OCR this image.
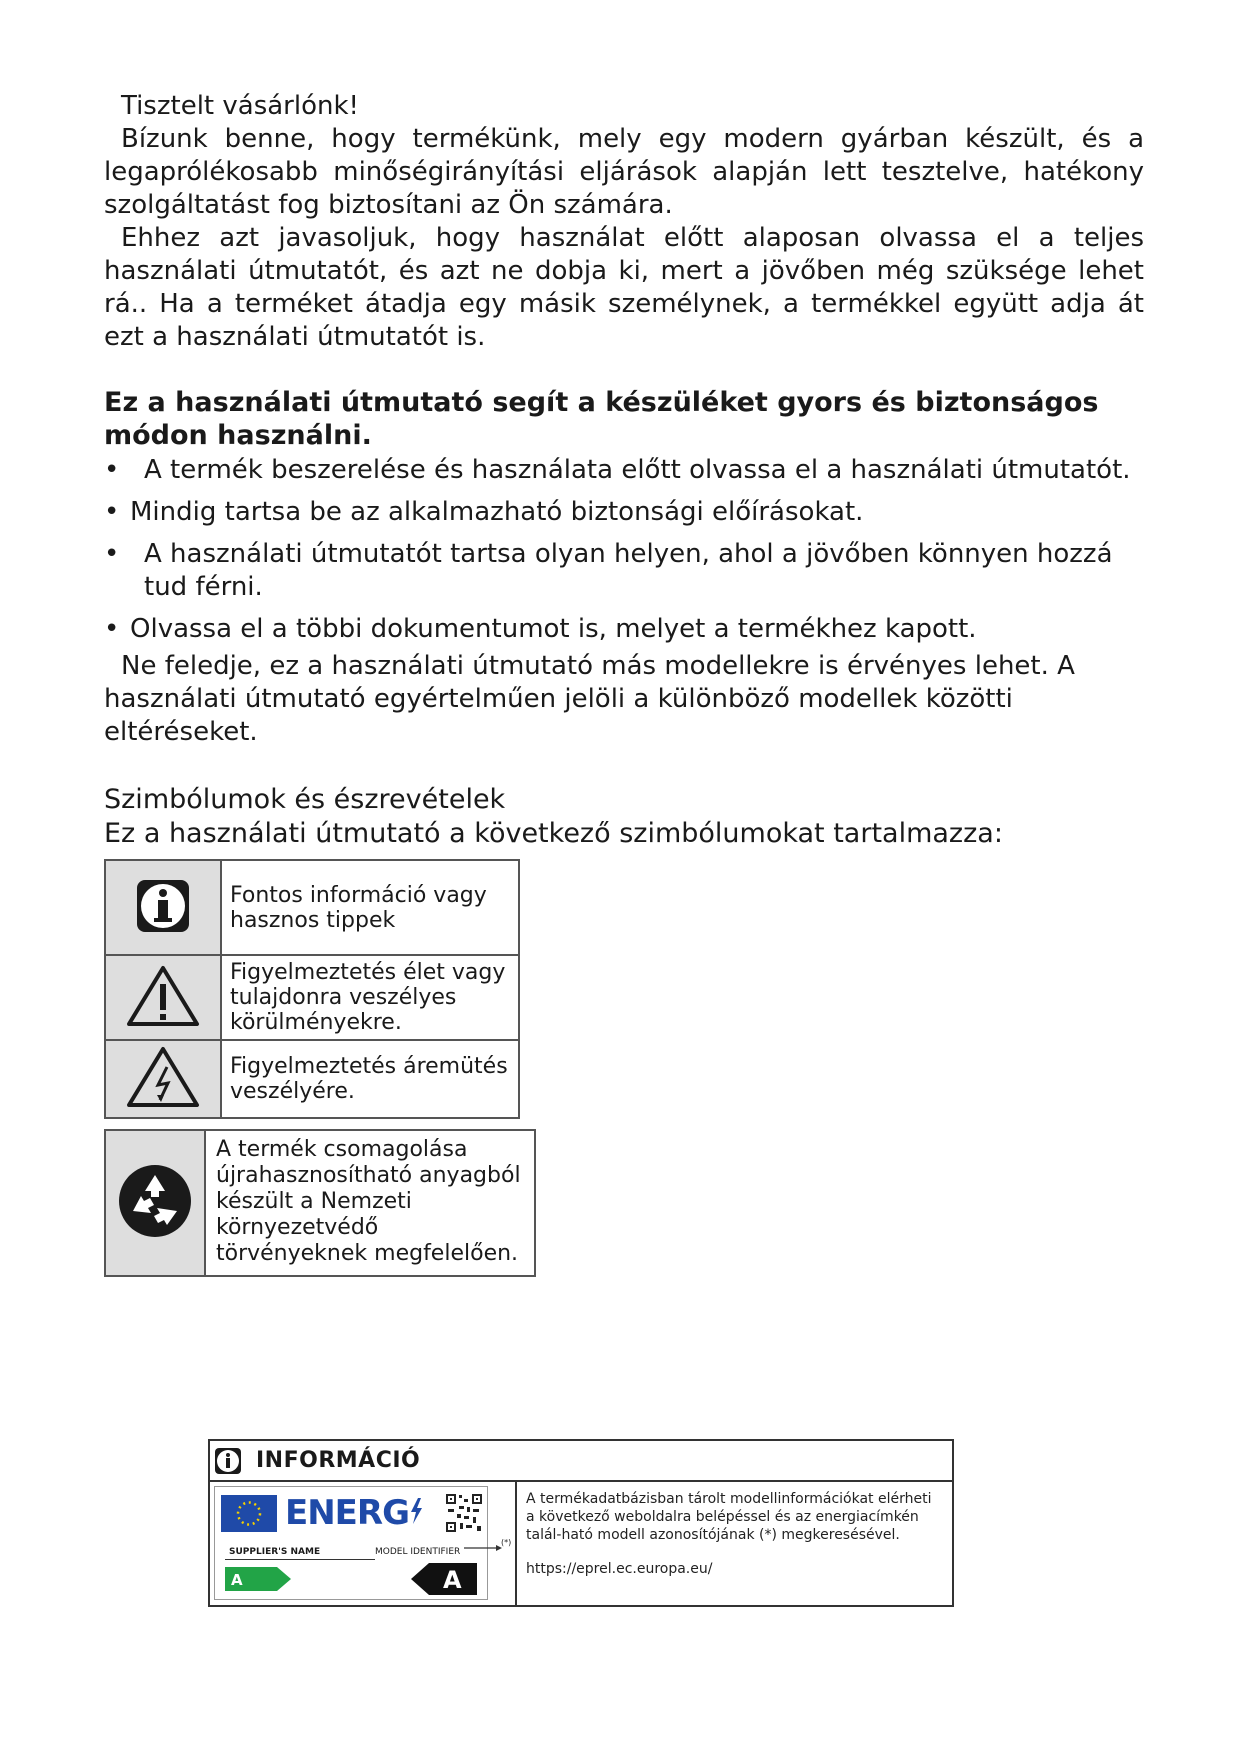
Tisztelt vásárlónk!

Bízunk benne, hogy termékünk, mely egy modern gyárban készült, és a legaprólékosabb minőségirányítási eljárások alapján lett tesztelve, hatékony szolgáltatást fog biztosítani az Ön számára.

Ehhez azt javasoljuk, hogy használat előtt alaposan olvassa el a teljes használati útmutatót, és azt ne dobja ki, mert a jövőben még szüksége lehet rá.. Ha a terméket átadja egy másik személynek, a termékkel együtt adja át ezt a használati útmutatót is.

Ez a használati útmutató segít a készüléket gyors és biztonságos módon használni.

• A termék beszerelése és használata előtt olvassa el a használati útmutatót.
• Mindig tartsa be az alkalmazható biztonsági előírásokat.
• A használati útmutatót tartsa olyan helyen, ahol a jövőben könnyen hozzá tud férni.
• Olvassa el a többi dokumentumot is, melyet a termékhez kapott.

Ne feledje, ez a használati útmutató más modellekre is érvényes lehet. A használati útmutató egyértelműen jelöli a különböző modellek közötti eltéréseket.

Szimbólumok és észrevételek

Ez a használati útmutató a következő szimbólumokat tartalmazza:

	Fontos információ vagy hasznos tippek
	Figyelmeztetés élet vagy tulajdonra veszélyes körülményekre.
	Figyelmeztetés áremütés veszélyére.
	A termék csomagolása újrahasznosítható anyagból készült a Nemzeti környezetvédő törvényeknek megfelelően.
INFORMÁCIÓ
ENERG
SUPPLIER'S NAME	MODEL IDENTIFIER
A	A
(*)

A termékadatbázisban tárolt modellinformációkat elérheti a következő weboldalra belépéssel és az energiacímkén talál-ható modell azonosítójának (*) megkeresésével.

https://eprel.ec.europa.eu/
